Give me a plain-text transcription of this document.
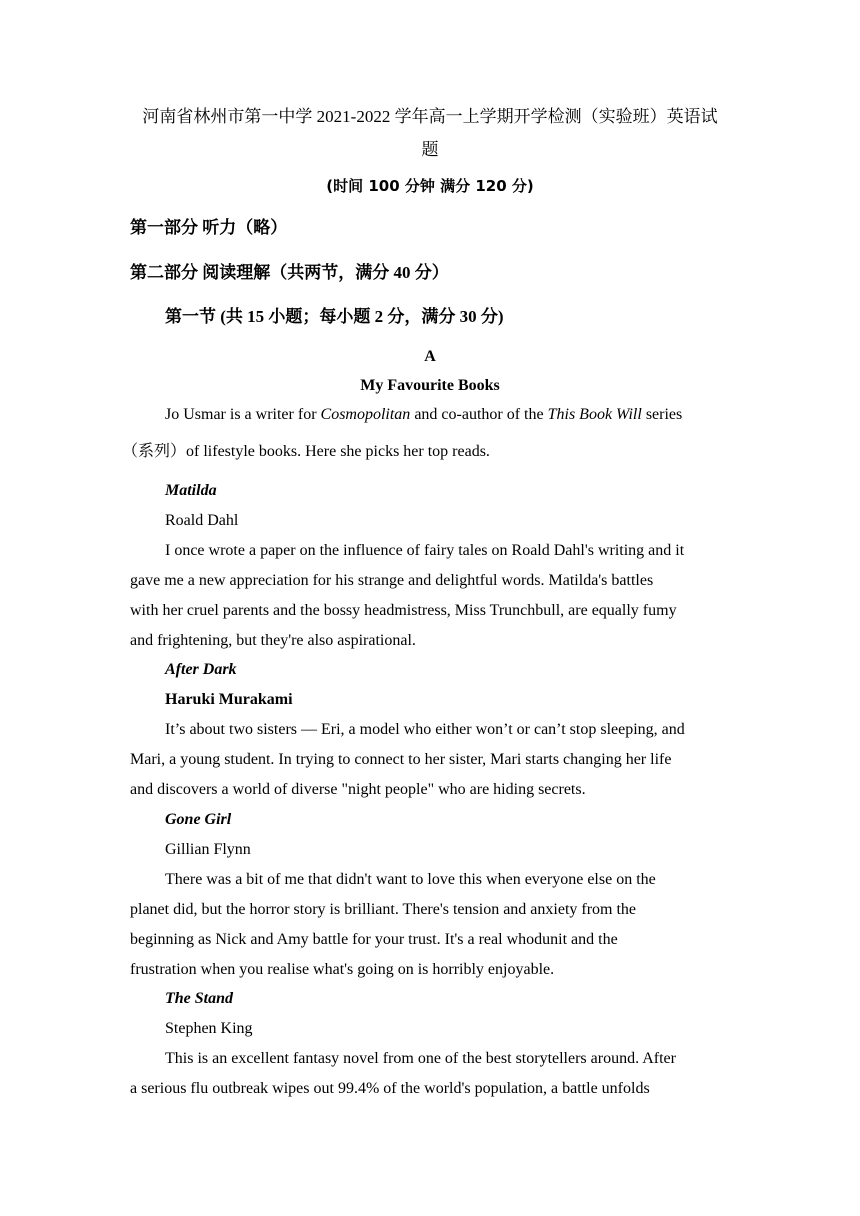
河南省林州市第一中学 2021-2022 学年高一上学期开学检测（实验班）英语试
题
(时间 100 分钟 满分 120 分)
第一部分 听力（略）
第二部分 阅读理解（共两节，满分 40 分）
第一节 (共 15 小题；每小题 2 分，满分 30 分)
A
My Favourite Books
Jo Usmar is a writer for Cosmopolitan and co-author of the This Book Will series
（系列）of lifestyle books. Here she picks her top reads.
Matilda
Roald Dahl
I once wrote a paper on the influence of fairy tales on Roald Dahl's writing and it
gave me a new appreciation for his strange and delightful words. Matilda's battles
with her cruel parents and the bossy headmistress, Miss Trunchbull, are equally fumy
and frightening, but they're also aspirational.
After Dark
Haruki Murakami
It’s about two sisters — Eri, a model who either won’t or can’t stop sleeping, and
Mari, a young student. In trying to connect to her sister, Mari starts changing her life
and discovers a world of diverse "night people" who are hiding secrets.
Gone Girl
Gillian Flynn
There was a bit of me that didn't want to love this when everyone else on the
planet did, but the horror story is brilliant. There's tension and anxiety from the
beginning as Nick and Amy battle for your trust. It's a real whodunit and the
frustration when you realise what's going on is horribly enjoyable.
The Stand
Stephen King
This is an excellent fantasy novel from one of the best storytellers around. After
a serious flu outbreak wipes out 99.4% of the world's population, a battle unfolds
